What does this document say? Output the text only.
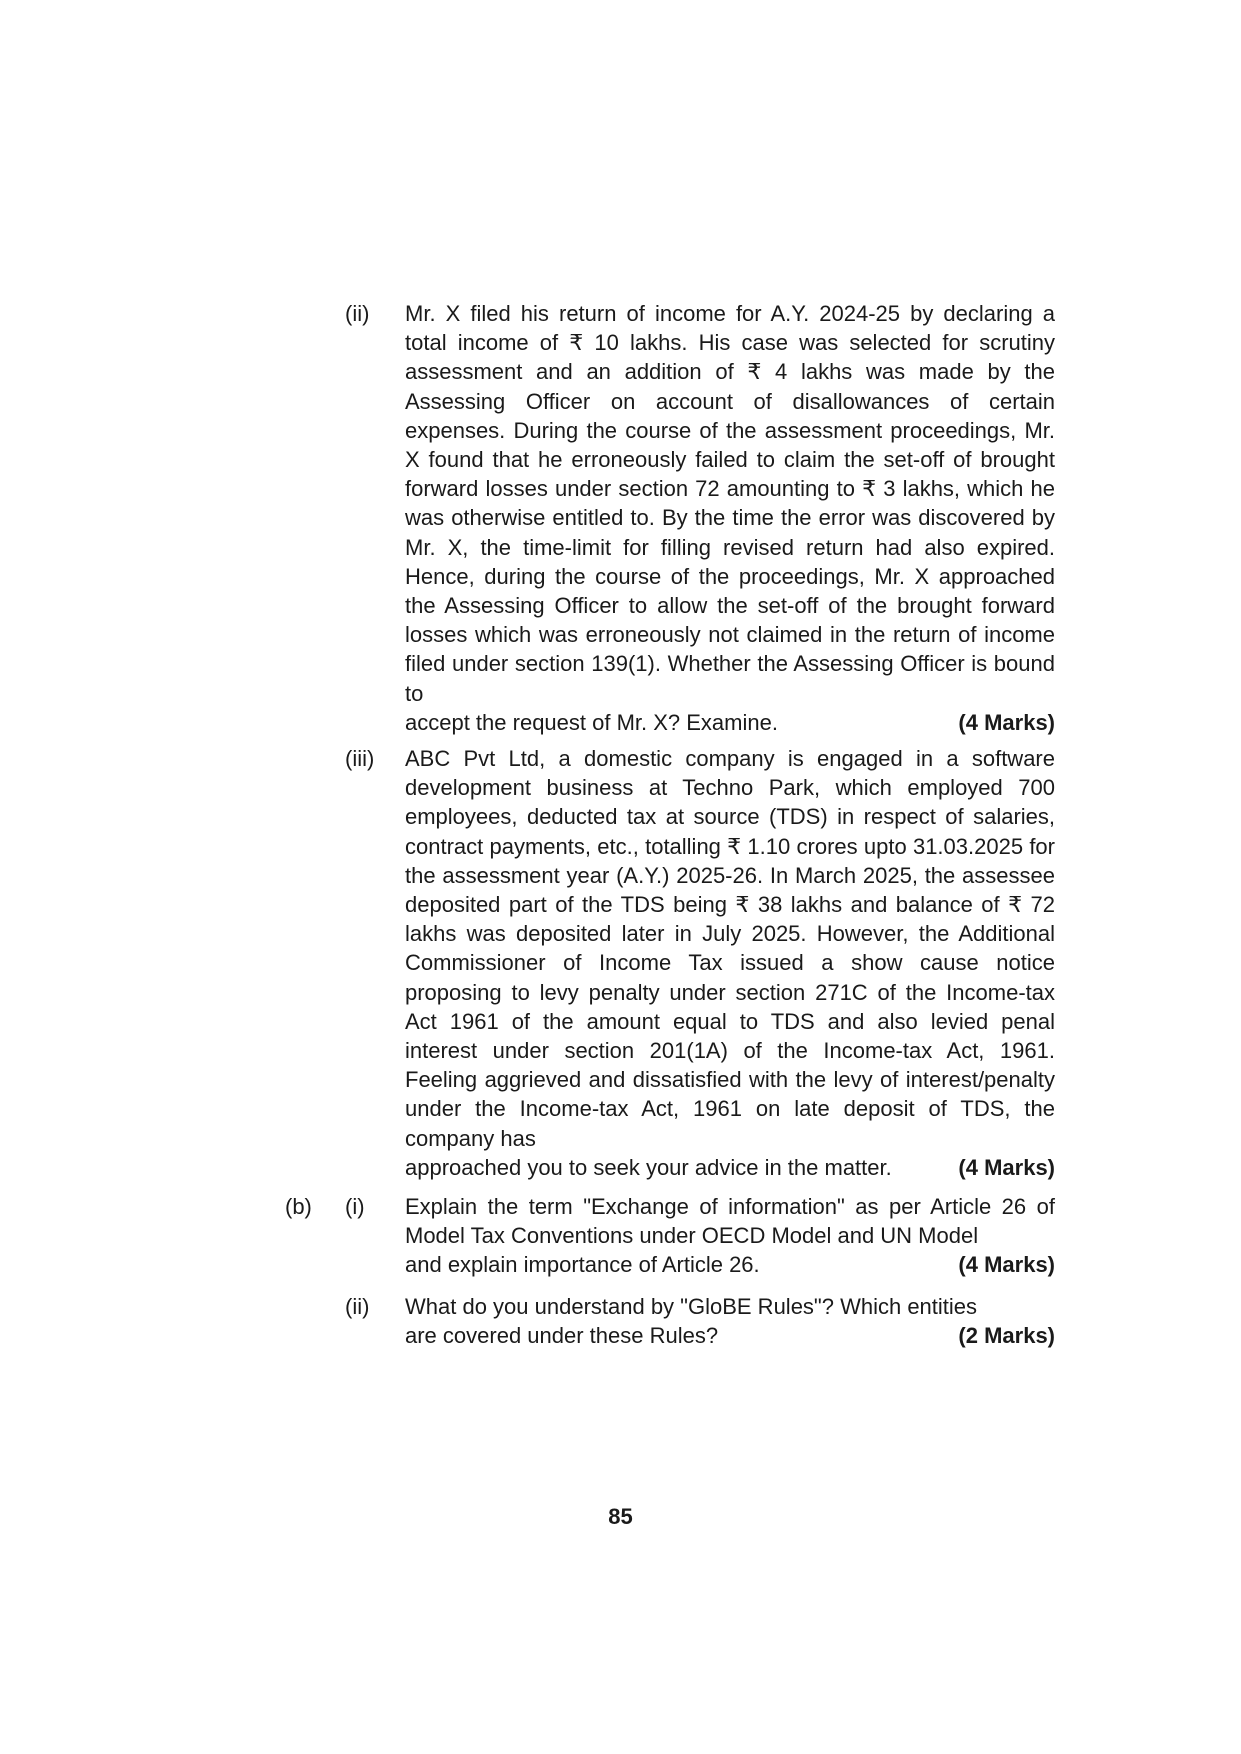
(ii) Mr. X filed his return of income for A.Y. 2024-25 by declaring a total income of ₹ 10 lakhs. His case was selected for scrutiny assessment and an addition of ₹ 4 lakhs was made by the Assessing Officer on account of disallowances of certain expenses. During the course of the assessment proceedings, Mr. X found that he erroneously failed to claim the set-off of brought forward losses under section 72 amounting to ₹ 3 lakhs, which he was otherwise entitled to. By the time the error was discovered by Mr. X, the time-limit for filling revised return had also expired. Hence, during the course of the proceedings, Mr. X approached the Assessing Officer to allow the set-off of the brought forward losses which was erroneously not claimed in the return of income filed under section 139(1). Whether the Assessing Officer is bound to
accept the request of Mr. X? Examine.	(4 Marks)
(iii) ABC Pvt Ltd, a domestic company is engaged in a software development business at Techno Park, which employed 700 employees, deducted tax at source (TDS) in respect of salaries, contract payments, etc., totalling ₹ 1.10 crores upto 31.03.2025 for the assessment year (A.Y.) 2025-26. In March 2025, the assessee deposited part of the TDS being ₹ 38 lakhs and balance of ₹ 72 lakhs was deposited later in July 2025. However, the Additional Commissioner of Income Tax issued a show cause notice proposing to levy penalty under section 271C of the Income-tax Act 1961 of the amount equal to TDS and also levied penal interest under section 201(1A) of the Income-tax Act, 1961. Feeling aggrieved and dissatisfied with the levy of interest/penalty under the Income-tax Act, 1961 on late deposit of TDS, the company has
approached you to seek your advice in the matter.	(4 Marks)
(b) (i) Explain the term "Exchange of information" as per Article 26 of Model Tax Conventions under OECD Model and UN Model
and explain importance of Article 26.	(4 Marks)
(ii) What do you understand by "GloBE Rules"? Which entities
are covered under these Rules?	(2 Marks)
85
